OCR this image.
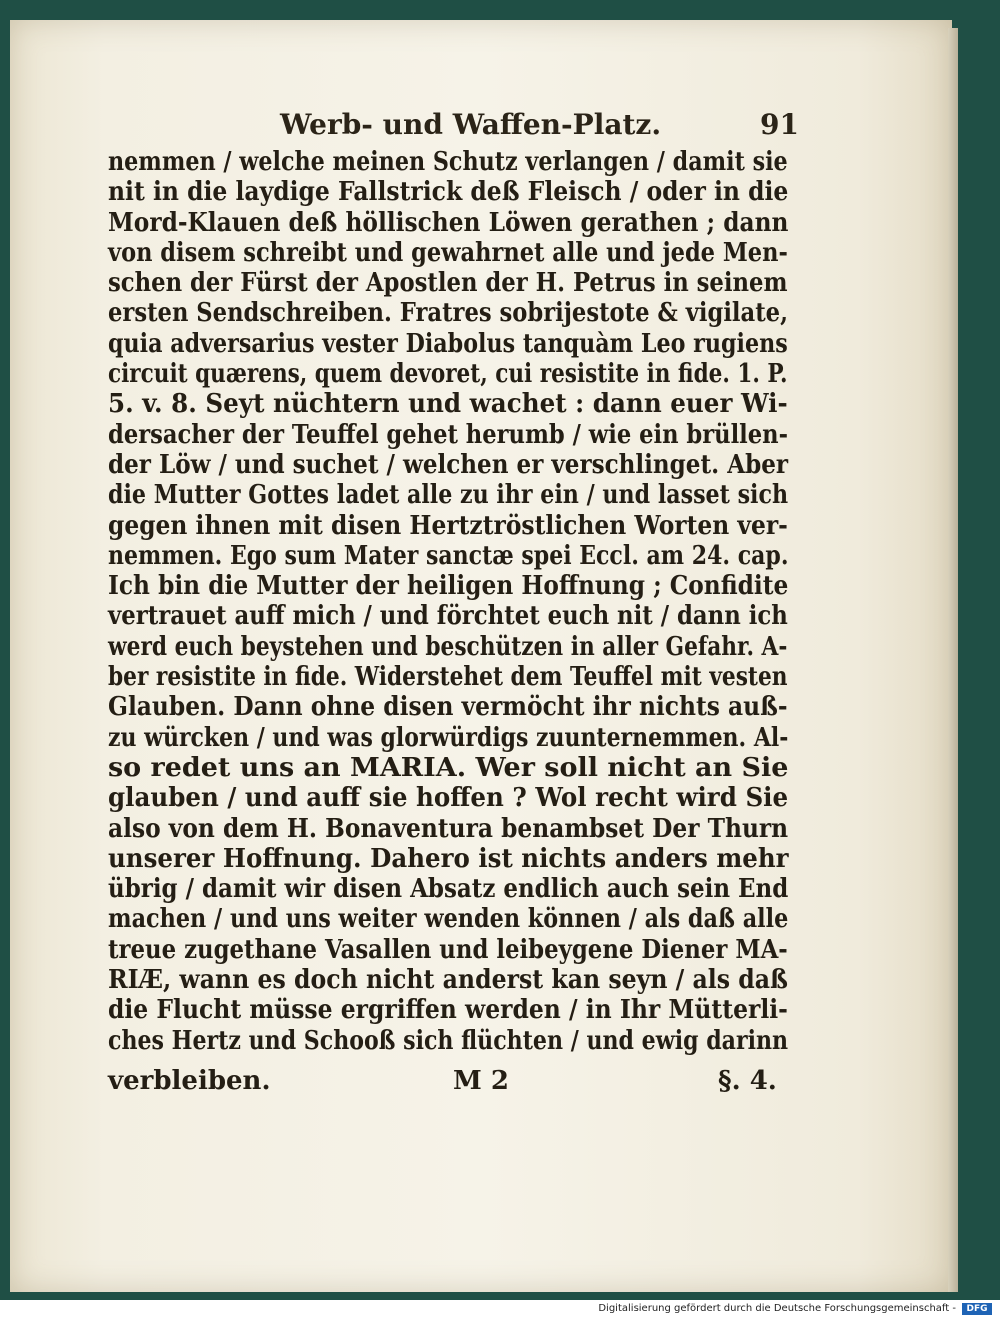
Werb- und Waffen-Platz.	91
nemmen / welche meinen Schutz verlangen / damit sie
nit in die laydige Fallstrick deß Fleisch / oder in die
Mord-Klauen deß höllischen Löwen gerathen ; dann
von disem schreibt und gewahrnet alle und jede Men-
schen der Fürst der Apostlen der H. Petrus in seinem
ersten Sendschreiben. Fratres sobrijestote & vigilate,
quia adversarius vester Diabolus tanquàm Leo rugiens
circuit quærens, quem devoret, cui resistite in fide. 1. P.
5. v. 8. Seyt nüchtern und wachet : dann euer Wi-
dersacher der Teuffel gehet herumb / wie ein brüllen-
der Löw / und suchet / welchen er verschlinget. Aber
die Mutter Gottes ladet alle zu ihr ein / und lasset sich
gegen ihnen mit disen Hertztröstlichen Worten ver-
nemmen. Ego sum Mater sanctæ spei Eccl. am 24. cap.
Ich bin die Mutter der heiligen Hoffnung ; Confidite
vertrauet auff mich / und förchtet euch nit / dann ich
werd euch beystehen und beschützen in aller Gefahr. A-
ber resistite in fide. Widerstehet dem Teuffel mit vesten
Glauben. Dann ohne disen vermöcht ihr nichts auß-
zu würcken / und was glorwürdigs zuunternemmen. Al-
so redet uns an MARIA. Wer soll nicht an Sie
glauben / und auff sie hoffen ? Wol recht wird Sie
also von dem H. Bonaventura benambset Der Thurn
unserer Hoffnung. Dahero ist nichts anders mehr
übrig / damit wir disen Absatz endlich auch sein End
machen / und uns weiter wenden können / als daß alle
treue zugethane Vasallen und leibeygene Diener MA-
RIÆ, wann es doch nicht anderst kan seyn / als daß
die Flucht müsse ergriffen werden / in Ihr Mütterli-
ches Hertz und Schooß sich flüchten / und ewig darinn
verbleiben.	M 2	§. 4.
Digitalisierung gefördert durch die Deutsche Forschungsgemeinschaft -	DFG
